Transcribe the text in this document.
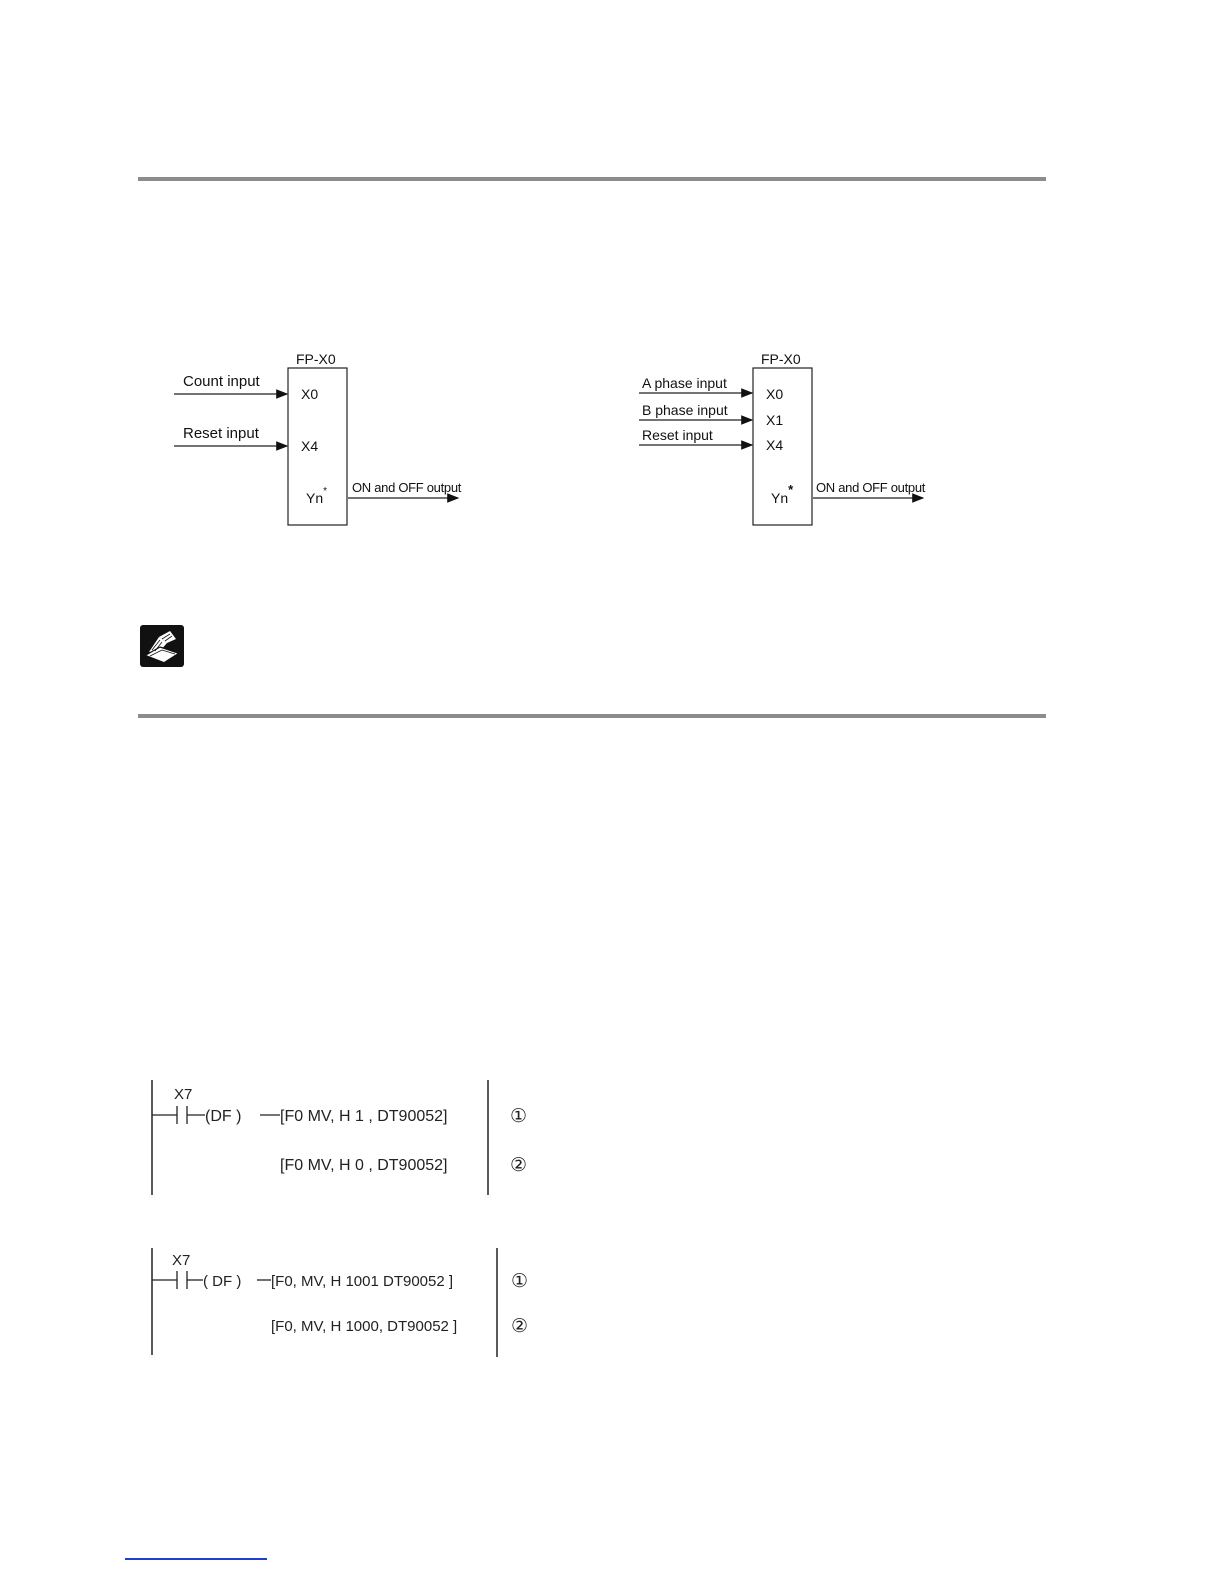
FP-X0
Count input
X0
Reset input
X4
Yn* ON and OFF output
FP-X0
A phase input
X0
B phase input
X1
Reset input
X4
Yn* ON and OFF output
X7
(DF ) [F0 MV, H 1 , DT90052]
[F0 MV, H 0 , DT90052]
①
②
X7
( DF ) [F0, MV, H 1001 DT90052 ]
[F0, MV, H 1000, DT90052 ]
①
②
